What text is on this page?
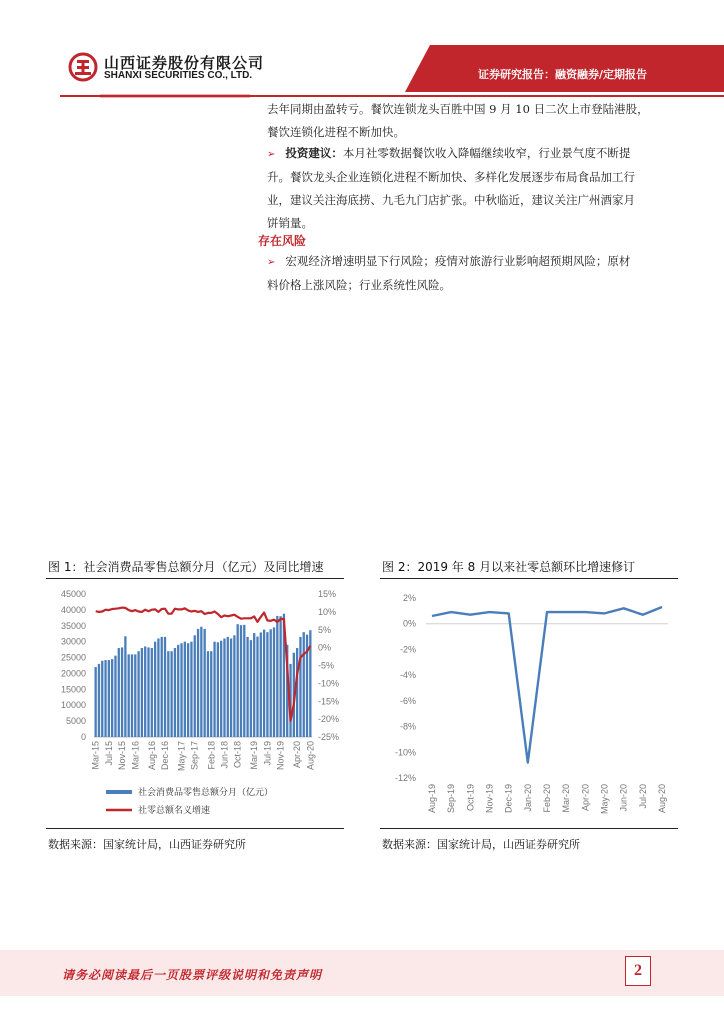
山西证券股份有限公司
SHANXI SECURITIES CO., LTD.	证券研究报告：融资融券/定期报告
去年同期由盈转亏。餐饮连锁龙头百胜中国 9 月 10 日二次上市登陆港股，
餐饮连锁化进程不断加快。
➢ 投资建议：本月社零数据餐饮收入降幅继续收窄，行业景气度不断提
升。餐饮龙头企业连锁化进程不断加快、多样化发展逐步布局食品加工行
业，建议关注海底捞、九毛九门店扩张。中秋临近，建议关注广州酒家月
饼销量。
存在风险
➢ 宏观经济增速明显下行风险；疫情对旅游行业影响超预期风险；原材
料价格上涨风险；行业系统性风险。
图 1：社会消费品零售总额分月（亿元）及同比增速
0
5000
10000
15000
20000
25000
30000
35000
40000
45000	15%
10%
5%
0%
-5%
-10%
-15%
-20%
-25%
Mar-15 Jul-15 Nov-15 Mar-16 Aug-16 Dec-16 May-17 Sep-17 Feb-18 Jun-18 Oct-18 Mar-19 Jul-19 Nov-19 Apr-20 Aug-20
社会消费品零售总额分月（亿元）
社零总额名义增速
数据来源：国家统计局，山西证券研究所
图 2：2019 年 8 月以来社零总额环比增速修订
2%
0%
-2%
-4%
-6%
-8%
-10%
-12%
Aug-19 Sep-19 Oct-19 Nov-19 Dec-19 Jan-20 Feb-20 Mar-20 Apr-20 May-20 Jun-20 Jul-20 Aug-20
数据来源：国家统计局，山西证券研究所
请务必阅读最后一页股票评级说明和免责声明	2
